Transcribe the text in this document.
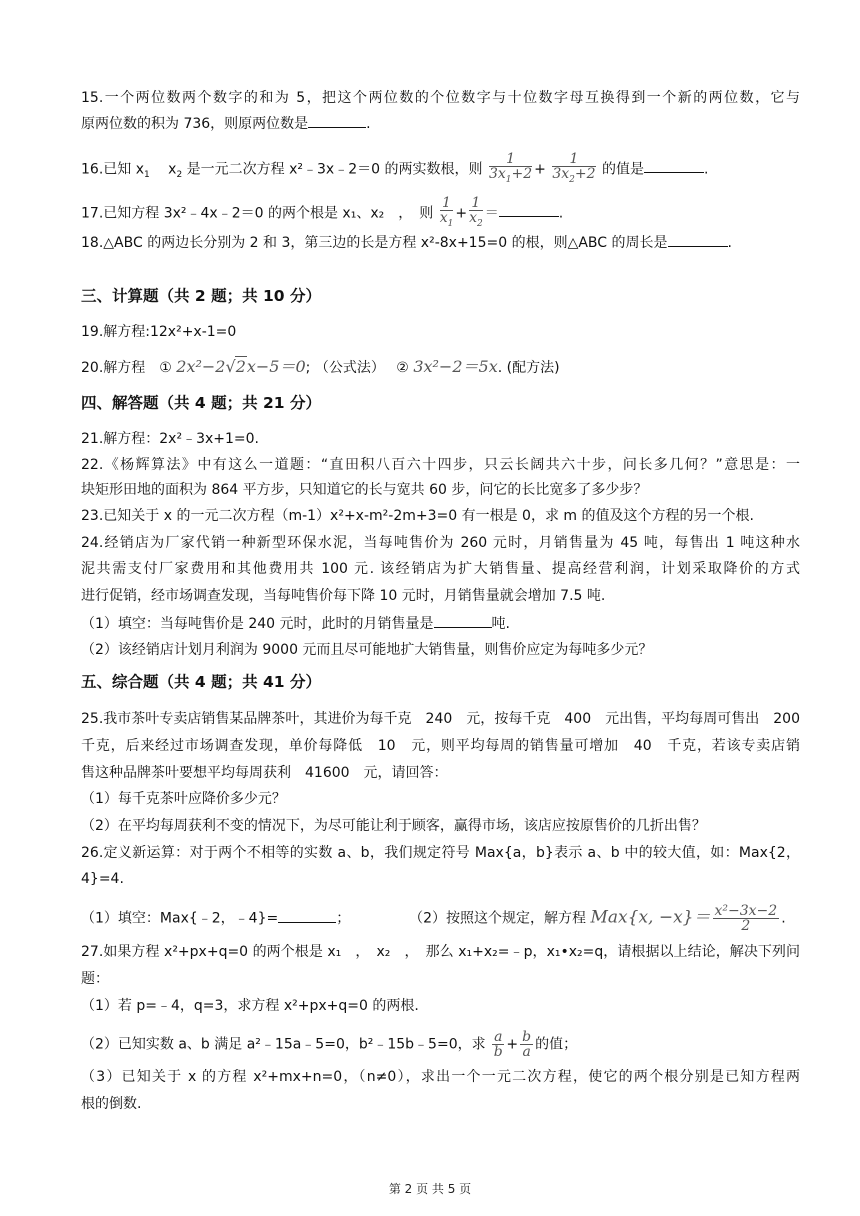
15.一个两位数两个数字的和为 5，把这个两位数的个位数字与十位数字母互换得到一个新的两位数，它与
原两位数的积为 736，则原两位数是	.
16.已知 $x_1$　 $x_2$ 是一元二次方程 x²﹣3x﹣2＝0 的两实数根，则 $\frac{1}{3x_1+2} + \frac{1}{3x_2+2}$ 的值是	.
17.已知方程 3x²﹣4x﹣2＝0 的两个根是 x₁、x₂　，　则 $\frac{1}{x_1} + \frac{1}{x_2}$ ＝	.
18.△ABC 的两边长分别为 2 和 3，第三边的长是方程 x²-8x+15=0 的根，则△ABC 的周长是	.
三、计算题（共 2 题；共 10 分）
19.解方程:12x²+x-1=0
20.解方程　① 2x²−2√2x−5＝0; （公式法）　 ② 3x²−2＝5x. (配方法)
四、解答题（共 4 题；共 21 分）
21.解方程：2x²﹣3x+1=0.
22.《杨辉算法》中有这么一道题：“直田积八百六十四步，只云长阔共六十步，问长多几何？”意思是：一
块矩形田地的面积为 864 平方步，只知道它的长与宽共 60 步，问它的长比宽多了多少步？
23.已知关于 x 的一元二次方程（m-1）x²+x-m²-2m+3=0 有一根是 0，求 m 的值及这个方程的另一个根.
24.经销店为厂家代销一种新型环保水泥，当每吨售价为 260 元时，月销售量为 45 吨，每售出 1 吨这种水
泥共需支付厂家费用和其他费用共 100 元. 该经销店为扩大销售量、提高经营利润，计划采取降价的方式
进行促销，经市场调查发现，当每吨售价每下降 10 元时，月销售量就会增加 7.5 吨.
（1）填空：当每吨售价是 240 元时，此时的月销售量是	吨.
（2）该经销店计划月利润为 9000 元而且尽可能地扩大销售量，则售价应定为每吨多少元？
五、综合题（共 4 题；共 41 分）
25.我市茶叶专卖店销售某品牌茶叶，其进价为每千克　240　元，按每千克　400　元出售，平均每周可售出　200
千克，后来经过市场调查发现，单价每降低　10　元，则平均每周的销售量可增加　40　千克，若该专卖店销
售这种品牌茶叶要想平均每周获利　41600　元，请回答：
（1）每千克茶叶应降价多少元？
（2）在平均每周获利不变的情况下，为尽可能让利于顾客，赢得市场，该店应按原售价的几折出售？
26.定义新运算：对于两个不相等的实数 a、b，我们规定符号 Max{a，b}表示 a、b 中的较大值，如：Max{2，
4}=4.
（1）填空：Max{﹣2，﹣4}=	；	（2）按照这个规定，解方程 Max{x, $-x\}= \frac{\text{x²−3x−2}}{2}$ .
27.如果方程 x²+px+q=0 的两个根是 x₁　，　x₂　，　那么 x₁+x₂=﹣p，x₁•x₂=q，请根据以上结论，解决下列问
题：
（1）若 p=﹣4，q=3，求方程 x²+px+q=0 的两根.
（2）已知实数 a、b 满足 a²﹣15a﹣5=0，b²﹣15b﹣5=0，求 $\frac{a}{b} + \frac{b}{a}$ 的值；
（3）已知关于 x 的方程 x²+mx+n=0，（n≠0），求出一个一元二次方程，使它的两个根分别是已知方程两
根的倒数.
第 2 页 共 5 页
